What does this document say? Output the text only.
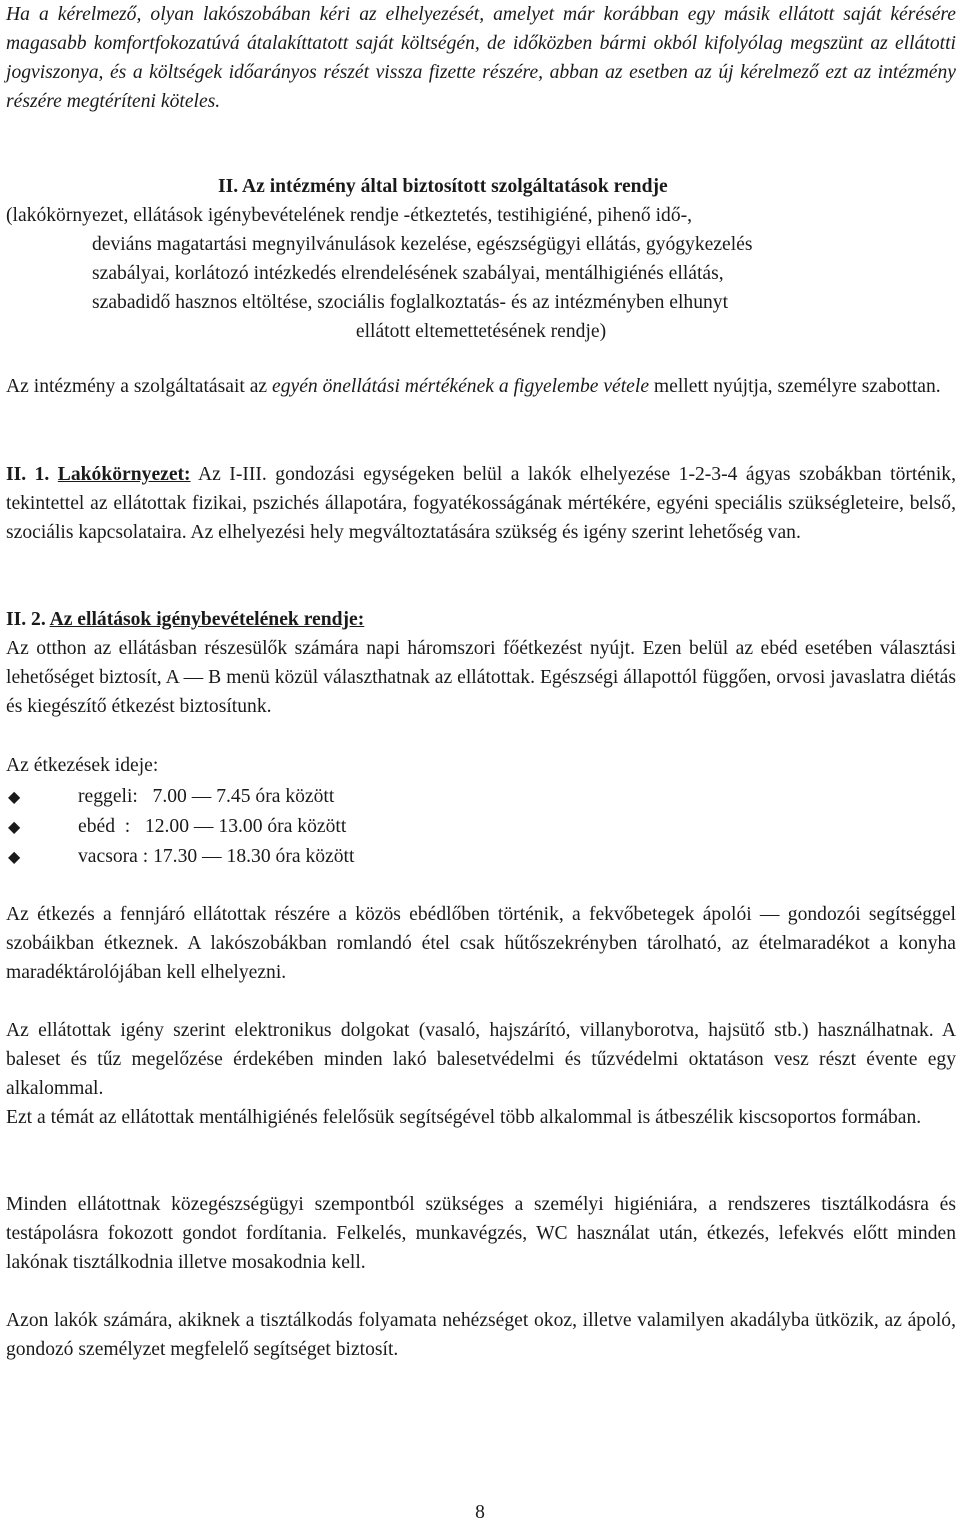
Ha a kérelmező, olyan lakószobában kéri az elhelyezését, amelyet már korábban egy másik ellátott saját kérésére magasabb komfortfokozatúvá átalakíttatott saját költségén, de időközben bármi okból kifolyólag megszünt az ellátotti jogviszonya, és a költségek időarányos részét vissza fizette részére, abban az esetben az új kérelmező ezt az intézmény részére megtéríteni köteles.

II. Az intézmény által biztosított szolgáltatások rendje
(lakókörnyezet, ellátások igénybevételének rendje -étkeztetés, testihigiéné, pihenő idő-,
deviáns magatartási megnyilvánulások kezelése, egészségügyi ellátás, gyógykezelés
szabályai, korlátozó intézkedés elrendelésének szabályai, mentálhigiénés ellátás,
szabadidő hasznos eltöltése, szociális foglalkoztatás- és az intézményben elhunyt
ellátott eltemettetésének rendje)

Az intézmény a szolgáltatásait az egyén önellátási mértékének a figyelembe vétele mellett nyújtja, személyre szabottan.

II. 1. Lakókörnyezet: Az I-III. gondozási egységeken belül a lakók elhelyezése 1-2-3-4 ágyas szobákban történik, tekintettel az ellátottak fizikai, pszichés állapotára, fogyatékosságának mértékére, egyéni speciális szükségleteire, belső, szociális kapcsolataira. Az elhelyezési hely megváltoztatására szükség és igény szerint lehetőség van.

II. 2. Az ellátások igénybevételének rendje:

Az otthon az ellátásban részesülők számára napi háromszori főétkezést nyújt. Ezen belül az ebéd esetében választási lehetőséget biztosít, A — B menü közül választhatnak az ellátottak. Egészségi állapottól függően, orvosi javaslatra diétás és kiegészítő étkezést biztosítunk.

Az étkezések ideje:
◆	reggeli:   7.00 — 7.45 óra között
◆	ebéd  :   12.00 — 13.00 óra között
◆	vacsora : 17.30 — 18.30 óra között

Az étkezés a fennjáró ellátottak részére a közös ebédlőben történik, a fekvőbetegek ápolói — gondozói segítséggel szobáikban étkeznek. A lakószobákban romlandó étel csak hűtőszekrényben tárolható, az ételmaradékot a konyha maradéktárolójában kell elhelyezni.

Az ellátottak igény szerint elektronikus dolgokat (vasaló, hajszárító, villanyborotva, hajsütő stb.) használhatnak. A baleset és tűz megelőzése érdekében minden lakó balesetvédelmi és tűzvédelmi oktatáson vesz részt évente egy alkalommal.

Ezt a témát az ellátottak mentálhigiénés felelősük segítségével több alkalommal is átbeszélik kiscsoportos formában.

Minden ellátottnak közegészségügyi szempontból szükséges a személyi higiéniára, a rendszeres tisztálkodásra és testápolásra fokozott gondot fordítania. Felkelés, munkavégzés, WC használat után, étkezés, lefekvés előtt minden lakónak tisztálkodnia illetve mosakodnia kell.

Azon lakók számára, akiknek a tisztálkodás folyamata nehézséget okoz, illetve valamilyen akadályba ütközik, az ápoló, gondozó személyzet megfelelő segítséget biztosít.

8
